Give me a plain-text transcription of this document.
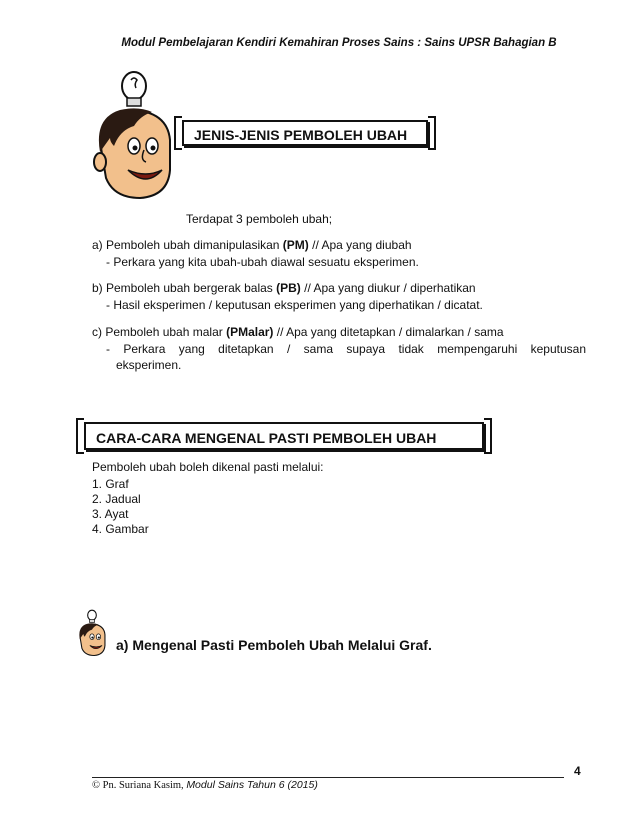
Modul Pembelajaran Kendiri Kemahiran Proses Sains : Sains UPSR Bahagian B
JENIS-JENIS PEMBOLEH UBAH
Terdapat 3 pemboleh ubah;
a) Pemboleh ubah dimanipulasikan (PM) // Apa yang diubah
- Perkara yang kita ubah-ubah diawal sesuatu eksperimen.
b) Pemboleh ubah bergerak balas (PB) // Apa yang diukur / diperhatikan
- Hasil eksperimen / keputusan eksperimen yang diperhatikan / dicatat.
c) Pemboleh ubah malar (PMalar) // Apa yang ditetapkan / dimalarkan / sama
- Perkara yang ditetapkan / sama supaya tidak mempengaruhi keputusan
eksperimen.
CARA-CARA MENGENAL PASTI PEMBOLEH UBAH
Pemboleh ubah boleh dikenal pasti melalui:
1. Graf
2. Jadual
3. Ayat
4. Gambar
a) Mengenal Pasti Pemboleh Ubah Melalui Graf.
4
© Pn. Suriana Kasim, Modul Sains Tahun 6 (2015)
